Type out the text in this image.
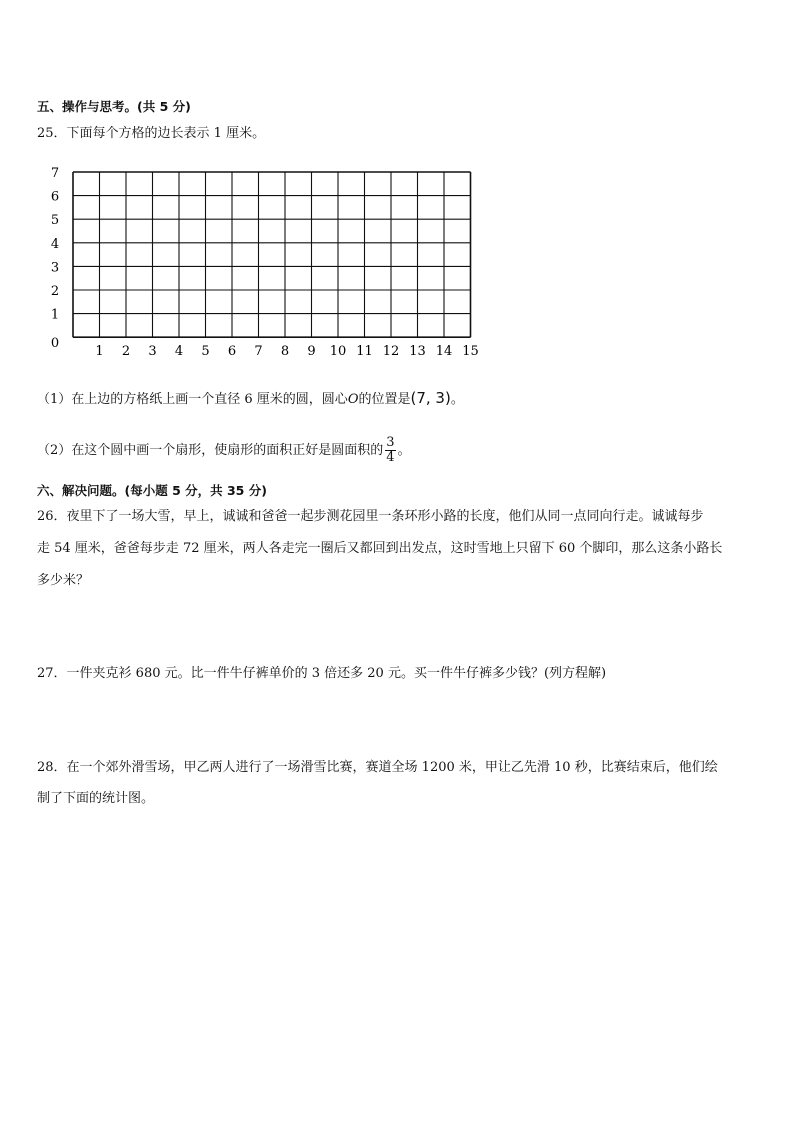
五、操作与思考。(共 5 分)
25．下面每个方格的边长表示 1 厘米。
1 2 3 4 5 6 7 8 9 10 11 12 13 14 15
0
1
2
3
4
5
6
7
（1）在上边的方格纸上画一个直径 6 厘米的圆，圆心O的位置是(7, 3)。
（2）在这个圆中画一个扇形，使扇形的面积正好是圆面积的 $\frac{3}{4}$ 。
六、解决问题。(每小题 5 分，共 35 分)
26．夜里下了一场大雪，早上，诚诚和爸爸一起步测花园里一条环形小路的长度，他们从同一点同向行走。诚诚每步
走 54 厘米，爸爸每步走 72 厘米，两人各走完一圈后又都回到出发点，这时雪地上只留下 60 个脚印，那么这条小路长
多少米？
27．一件夹克衫 680 元。比一件牛仔裤单价的 3 倍还多 20 元。买一件牛仔裤多少钱？(列方程解)
28．在一个郊外滑雪场，甲乙两人进行了一场滑雪比赛，赛道全场 1200 米，甲让乙先滑 10 秒，比赛结束后，他们绘
制了下面的统计图。
